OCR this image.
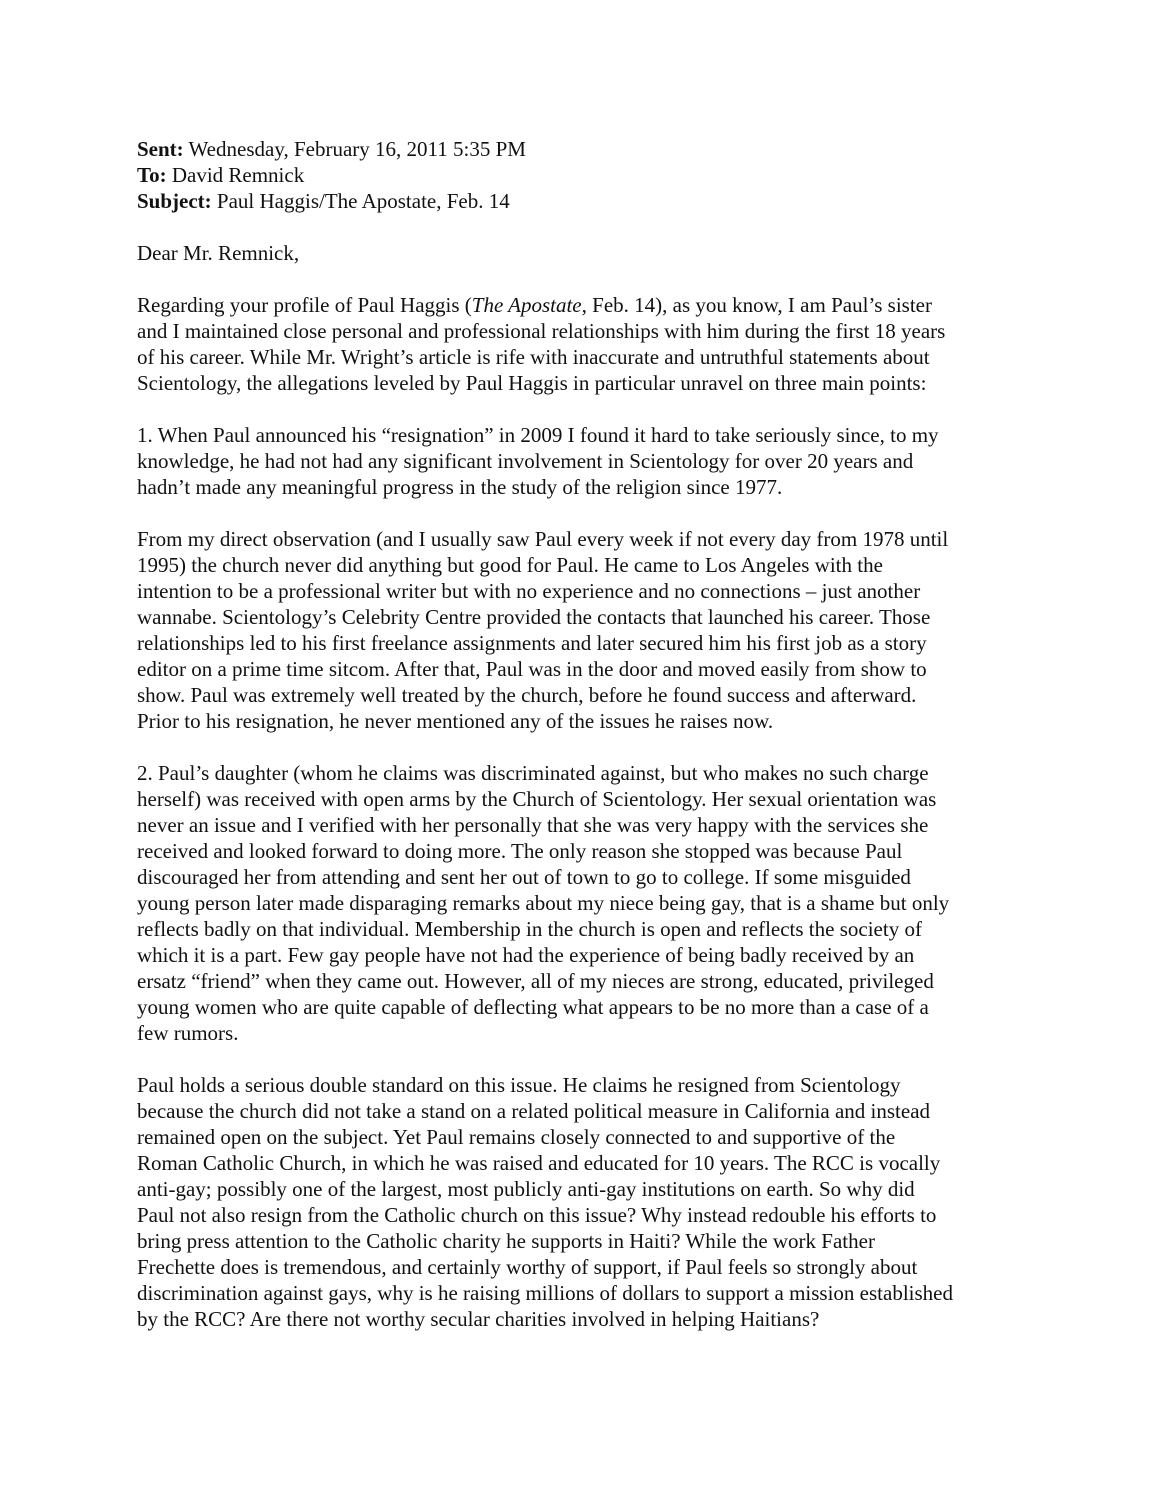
Sent: Wednesday, February 16, 2011 5:35 PM

To: David Remnick

Subject: Paul Haggis/The Apostate, Feb. 14

Dear Mr. Remnick,

Regarding your profile of Paul Haggis (The Apostate, Feb. 14), as you know, I am Paul’s sister
and I maintained close personal and professional relationships with him during the first 18 years
of his career. While Mr. Wright’s article is rife with inaccurate and untruthful statements about
Scientology, the allegations leveled by Paul Haggis in particular unravel on three main points:

1. When Paul announced his “resignation” in 2009 I found it hard to take seriously since, to my
knowledge, he had not had any significant involvement in Scientology for over 20 years and
hadn’t made any meaningful progress in the study of the religion since 1977.

From my direct observation (and I usually saw Paul every week if not every day from 1978 until
1995) the church never did anything but good for Paul. He came to Los Angeles with the
intention to be a professional writer but with no experience and no connections – just another
wannabe. Scientology’s Celebrity Centre provided the contacts that launched his career. Those
relationships led to his first freelance assignments and later secured him his first job as a story
editor on a prime time sitcom. After that, Paul was in the door and moved easily from show to
show. Paul was extremely well treated by the church, before he found success and afterward.
Prior to his resignation, he never mentioned any of the issues he raises now.

2. Paul’s daughter (whom he claims was discriminated against, but who makes no such charge
herself) was received with open arms by the Church of Scientology. Her sexual orientation was
never an issue and I verified with her personally that she was very happy with the services she
received and looked forward to doing more. The only reason she stopped was because Paul
discouraged her from attending and sent her out of town to go to college. If some misguided
young person later made disparaging remarks about my niece being gay, that is a shame but only
reflects badly on that individual. Membership in the church is open and reflects the society of
which it is a part. Few gay people have not had the experience of being badly received by an
ersatz “friend” when they came out. However, all of my nieces are strong, educated, privileged
young women who are quite capable of deflecting what appears to be no more than a case of a
few rumors.

Paul holds a serious double standard on this issue. He claims he resigned from Scientology
because the church did not take a stand on a related political measure in California and instead
remained open on the subject. Yet Paul remains closely connected to and supportive of the
Roman Catholic Church, in which he was raised and educated for 10 years. The RCC is vocally
anti-gay; possibly one of the largest, most publicly anti-gay institutions on earth. So why did
Paul not also resign from the Catholic church on this issue? Why instead redouble his efforts to
bring press attention to the Catholic charity he supports in Haiti? While the work Father
Frechette does is tremendous, and certainly worthy of support, if Paul feels so strongly about
discrimination against gays, why is he raising millions of dollars to support a mission established
by the RCC? Are there not worthy secular charities involved in helping Haitians?
